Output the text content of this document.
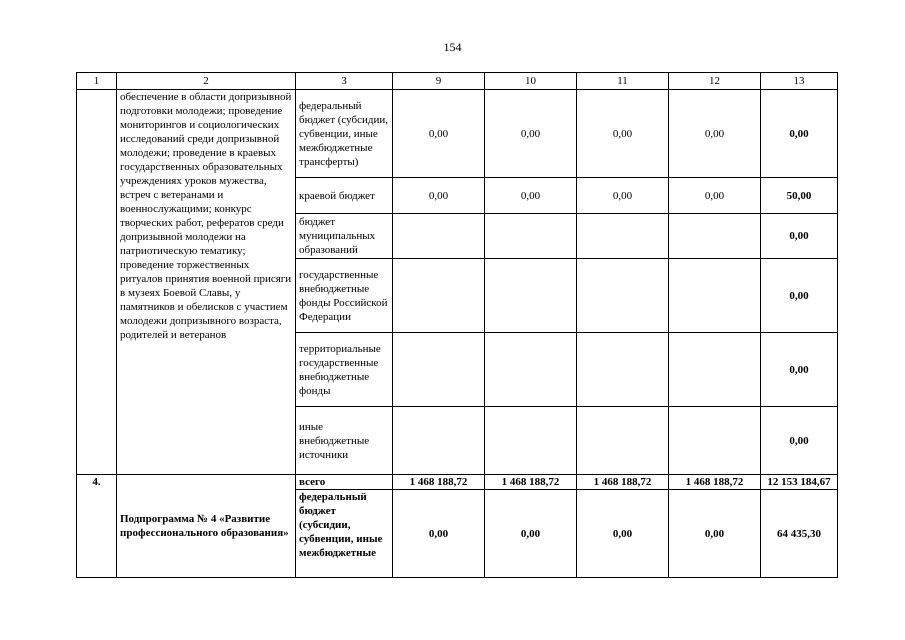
154
1	2	3	9	10	11	12	13
	обеспечение в области допризывной подготовки молодежи; проведение мониторингов и социологических исследований среди допризывной молодежи; проведение в краевых государственных образовательных учреждениях уроков мужества, встреч с ветеранами и военнослужащими; конкурс творческих работ, рефератов среди допризывной молодежи на патриотическую тематику; проведение торжественных ритуалов принятия военной присяги в музеях Боевой Славы, у памятников и обелисков с участием молодежи допризывного возраста, родителей и ветеранов	федеральный бюджет (субсидии, субвенции, иные межбюджетные трансферты)	0,00	0,00	0,00	0,00	0,00
		краевой бюджет	0,00	0,00	0,00	0,00	50,00
		бюджет муниципальных образований					0,00
		государственные внебюджетные фонды Российской Федерации					0,00
		территориальные государственные внебюджетные фонды					0,00
		иные внебюджетные источники					0,00
4.	Подпрограмма № 4 «Развитие профессионального образования»	всего	1 468 188,72	1 468 188,72	1 468 188,72	1 468 188,72	12 153 184,67
		федеральный бюджет (субсидии, субвенции, иные межбюджетные	0,00	0,00	0,00	0,00	64 435,30
